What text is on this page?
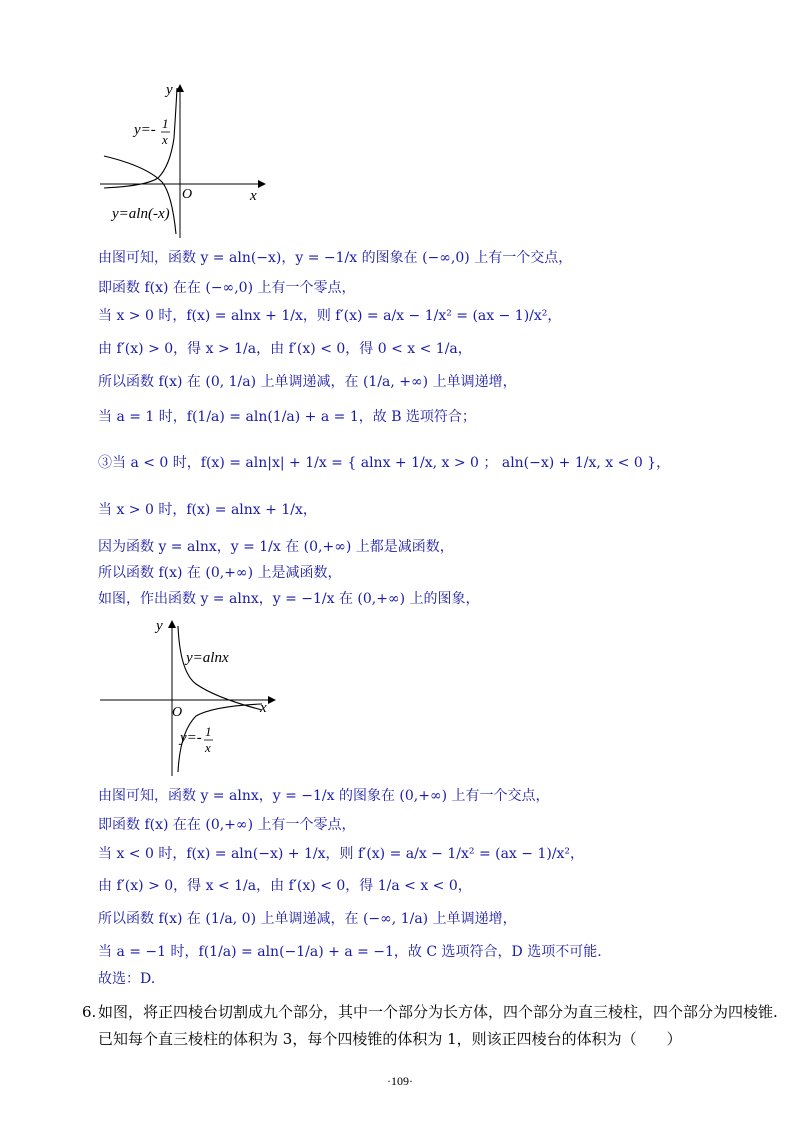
y
x
O
y=- 1
x
y=aln(-x)
由图可知，函数 y = aln(−x)，y = −1/x 的图象在 (−∞,0) 上有一个交点，
即函数 f(x) 在在 (−∞,0) 上有一个零点，
当 x > 0 时，f(x) = alnx + 1/x，则 f′(x) = a/x − 1/x² = (ax − 1)/x²，
由 f′(x) > 0，得 x > 1/a，由 f′(x) < 0，得 0 < x < 1/a，
所以函数 f(x) 在 (0, 1/a) 上单调递减，在 (1/a, +∞) 上单调递增，
当 a = 1 时，f(1/a) = aln(1/a) + a = 1，故 B 选项符合；
③当 a < 0 时，f(x) = aln|x| + 1/x = { alnx + 1/x, x > 0 ； aln(−x) + 1/x, x < 0 }，
当 x > 0 时，f(x) = alnx + 1/x，
因为函数 y = alnx，y = 1/x 在 (0,+∞) 上都是减函数，
所以函数 f(x) 在 (0,+∞) 上是减函数，
如图，作出函数 y = alnx，y = −1/x 在 (0,+∞) 上的图象，
y
x
O
y=alnx
y=- 1
x
由图可知，函数 y = alnx，y = −1/x 的图象在 (0,+∞) 上有一个交点，
即函数 f(x) 在在 (0,+∞) 上有一个零点，
当 x < 0 时，f(x) = aln(−x) + 1/x，则 f′(x) = a/x − 1/x² = (ax − 1)/x²，
由 f′(x) > 0，得 x < 1/a，由 f′(x) < 0，得 1/a < x < 0，
所以函数 f(x) 在 (1/a, 0) 上单调递减，在 (−∞, 1/a) 上单调递增，
当 a = −1 时，f(1/a) = aln(−1/a) + a = −1，故 C 选项符合，D 选项不可能.
故选：D.
6. 如图，将正四棱台切割成九个部分，其中一个部分为长方体，四个部分为直三棱柱，四个部分为四棱锥.
已知每个直三棱柱的体积为 3，每个四棱锥的体积为 1，则该正四棱台的体积为（　　）
·109·
